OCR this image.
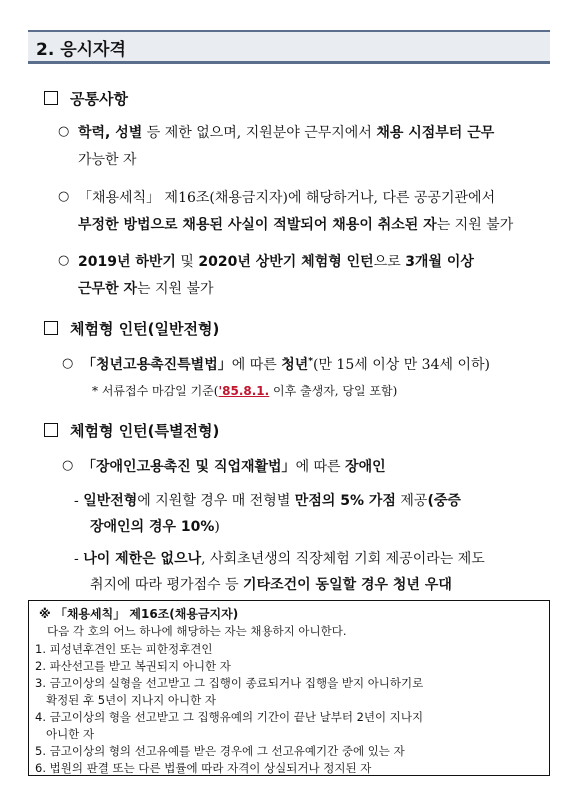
2. 응시자격
공통사항
○ 학력, 성별 등 제한 없으며, 지원분야 근무지에서 채용 시점부터 근무
가능한 자
○ 「채용세칙」 제16조(채용금지자)에 해당하거나, 다른 공공기관에서
부정한 방법으로 채용된 사실이 적발되어 채용이 취소된 자는 지원 불가
○ 2019년 하반기 및 2020년 상반기 체험형 인턴으로 3개월 이상
근무한 자는 지원 불가
체험형 인턴(일반전형)
○ 「청년고용촉진특별법」에 따른 청년*(만 15세 이상 만 34세 이하)
* 서류접수 마감일 기준('85.8.1. 이후 출생자, 당일 포함)
체험형 인턴(특별전형)
○ 「장애인고용촉진 및 직업재활법」에 따른 장애인
- 일반전형에 지원할 경우 매 전형별 만점의 5% 가점 제공(중증
장애인의 경우 10%)
- 나이 제한은 없으나, 사회초년생의 직장체험 기회 제공이라는 제도
취지에 따라 평가점수 등 기타조건이 동일할 경우 청년 우대
※ 「채용세칙」 제16조(채용금지자)
다음 각 호의 어느 하나에 해당하는 자는 채용하지 아니한다.
1. 피성년후견인 또는 피한정후견인
2. 파산선고를 받고 복권되지 아니한 자
3. 금고이상의 실형을 선고받고 그 집행이 종료되거나 집행을 받지 아니하기로
확정된 후 5년이 지나지 아니한 자
4. 금고이상의 형을 선고받고 그 집행유예의 기간이 끝난 날부터 2년이 지나지
아니한 자
5. 금고이상의 형의 선고유예를 받은 경우에 그 선고유예기간 중에 있는 자
6. 법원의 판결 또는 다른 법률에 따라 자격이 상실되거나 정지된 자
